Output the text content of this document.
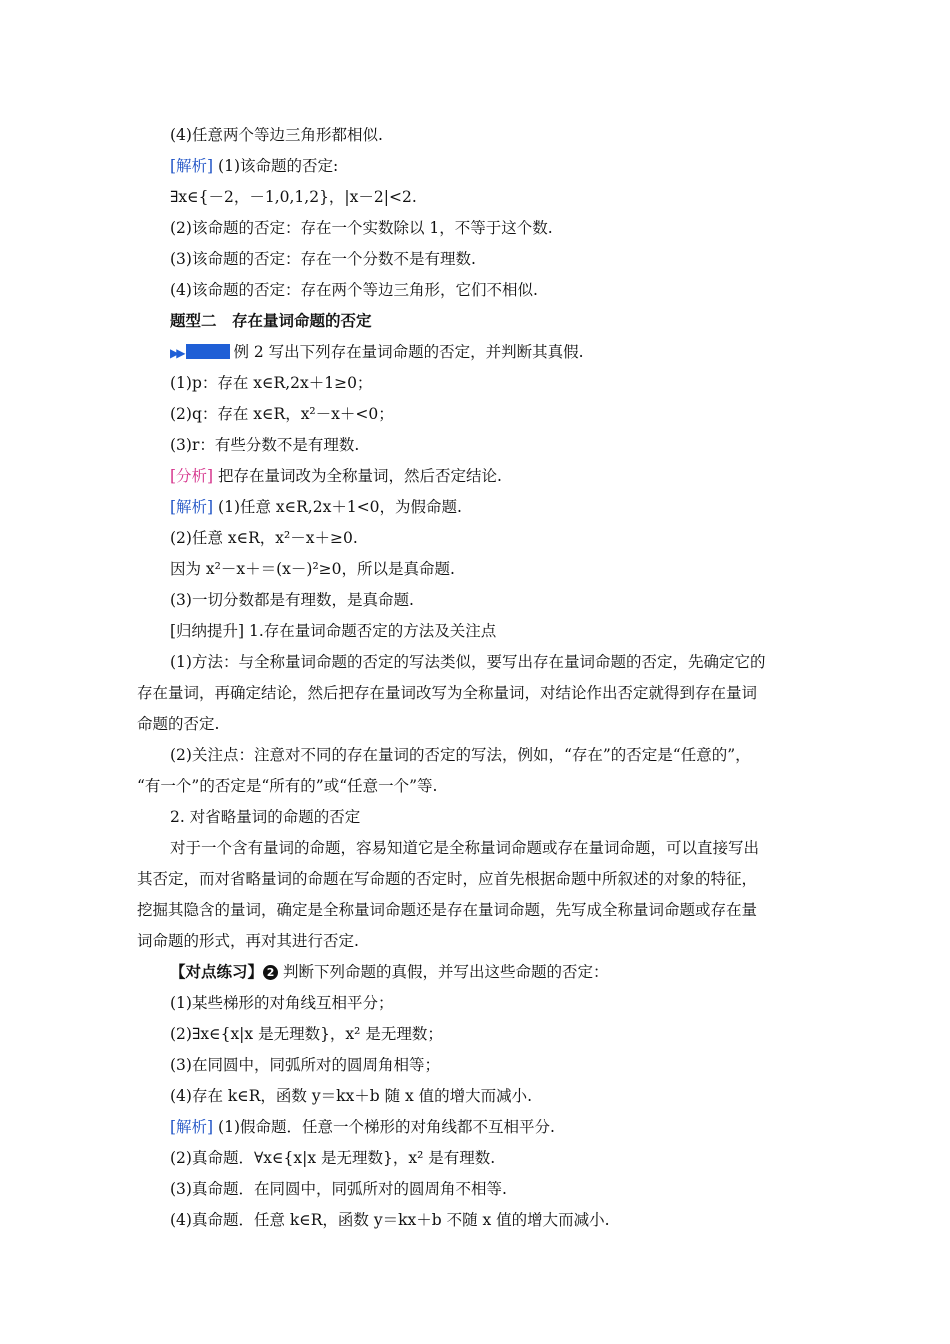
(4)任意两个等边三角形都相似.
[解析] (1)该命题的否定:
∃x∈{－2，－1,0,1,2}，|x－2|<2.
(2)该命题的否定：存在一个实数除以 1，不等于这个数.
(3)该命题的否定：存在一个分数不是有理数.
(4)该命题的否定：存在两个等边三角形，它们不相似.
题型二　存在量词命题的否定
▶▶	例 2 写出下列存在量词命题的否定，并判断其真假.
(1)p：存在 x∈R,2x＋1≥0；
(2)q：存在 x∈R，x²－x＋<0；
(3)r：有些分数不是有理数.
[分析] 把存在量词改为全称量词，然后否定结论.
[解析] (1)任意 x∈R,2x＋1<0，为假命题.
(2)任意 x∈R，x²－x＋≥0.
因为 x²－x＋＝(x－)²≥0，所以是真命题.
(3)一切分数都是有理数，是真命题.
[归纳提升] 1.存在量词命题否定的方法及关注点
(1)方法：与全称量词命题的否定的写法类似，要写出存在量词命题的否定，先确定它的
存在量词，再确定结论，然后把存在量词改写为全称量词，对结论作出否定就得到存在量词
命题的否定.
(2)关注点：注意对不同的存在量词的否定的写法，例如，“存在”的否定是“任意的”，
“有一个”的否定是“所有的”或“任意一个”等.
2. 对省略量词的命题的否定
对于一个含有量词的命题，容易知道它是全称量词命题或存在量词命题，可以直接写出
其否定，而对省略量词的命题在写命题的否定时，应首先根据命题中所叙述的对象的特征，
挖掘其隐含的量词，确定是全称量词命题还是存在量词命题，先写成全称量词命题或存在量
词命题的形式，再对其进行否定.
【对点练习】 2 判断下列命题的真假，并写出这些命题的否定：
(1)某些梯形的对角线互相平分；
(2)∃x∈{x|x 是无理数}，x² 是无理数；
(3)在同圆中，同弧所对的圆周角相等；
(4)存在 k∈R，函数 y＝kx＋b 随 x 值的增大而减小.
[解析] (1)假命题．任意一个梯形的对角线都不互相平分.
(2)真命题．∀x∈{x|x 是无理数}，x² 是有理数.
(3)真命题．在同圆中，同弧所对的圆周角不相等.
(4)真命题．任意 k∈R，函数 y＝kx＋b 不随 x 值的增大而减小.
